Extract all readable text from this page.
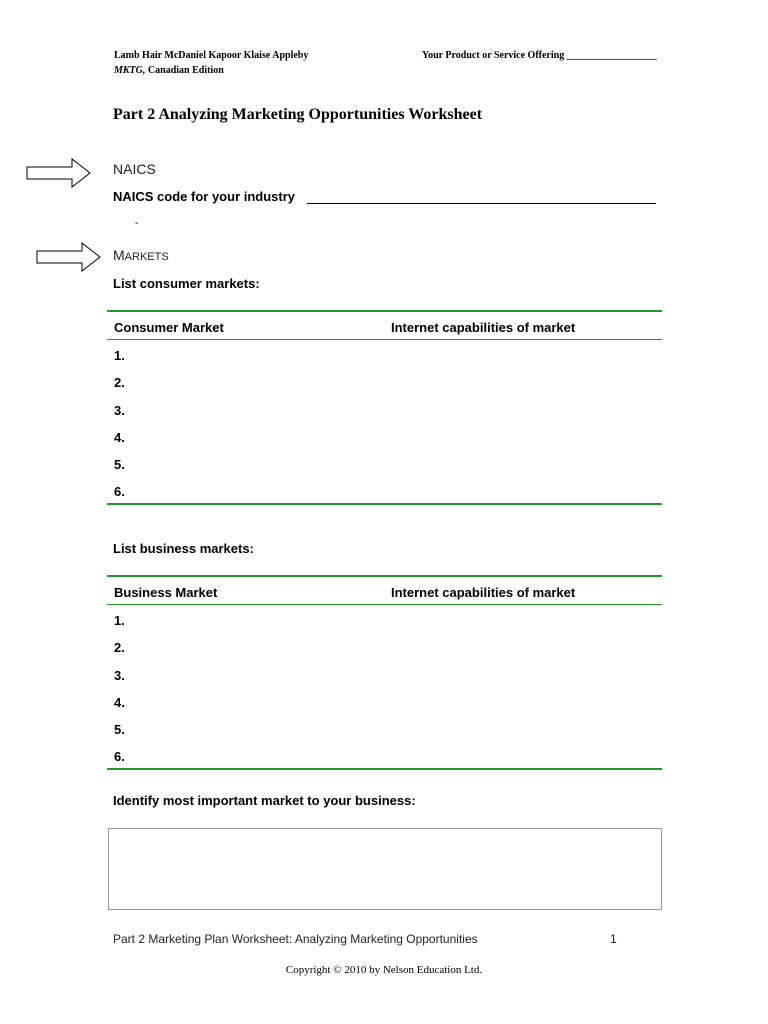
Lamb Hair McDaniel Kapoor Klaise Appleby
MKTG, Canadian Edition
Your Product or Service Offering __________________
Part 2 Analyzing Marketing Opportunities Worksheet
NAICS
NAICS code for your industry
-
MARKETS
List consumer markets:
Consumer Market	Internet capabilities of market
1.
2.
3.
4.
5.
6.
List business markets:
Business Market	Internet capabilities of market
1.
2.
3.
4.
5.
6.
Identify most important market to your business:
Part 2 Marketing Plan Worksheet: Analyzing Marketing Opportunities	1
Copyright © 2010 by Nelson Education Ltd.
